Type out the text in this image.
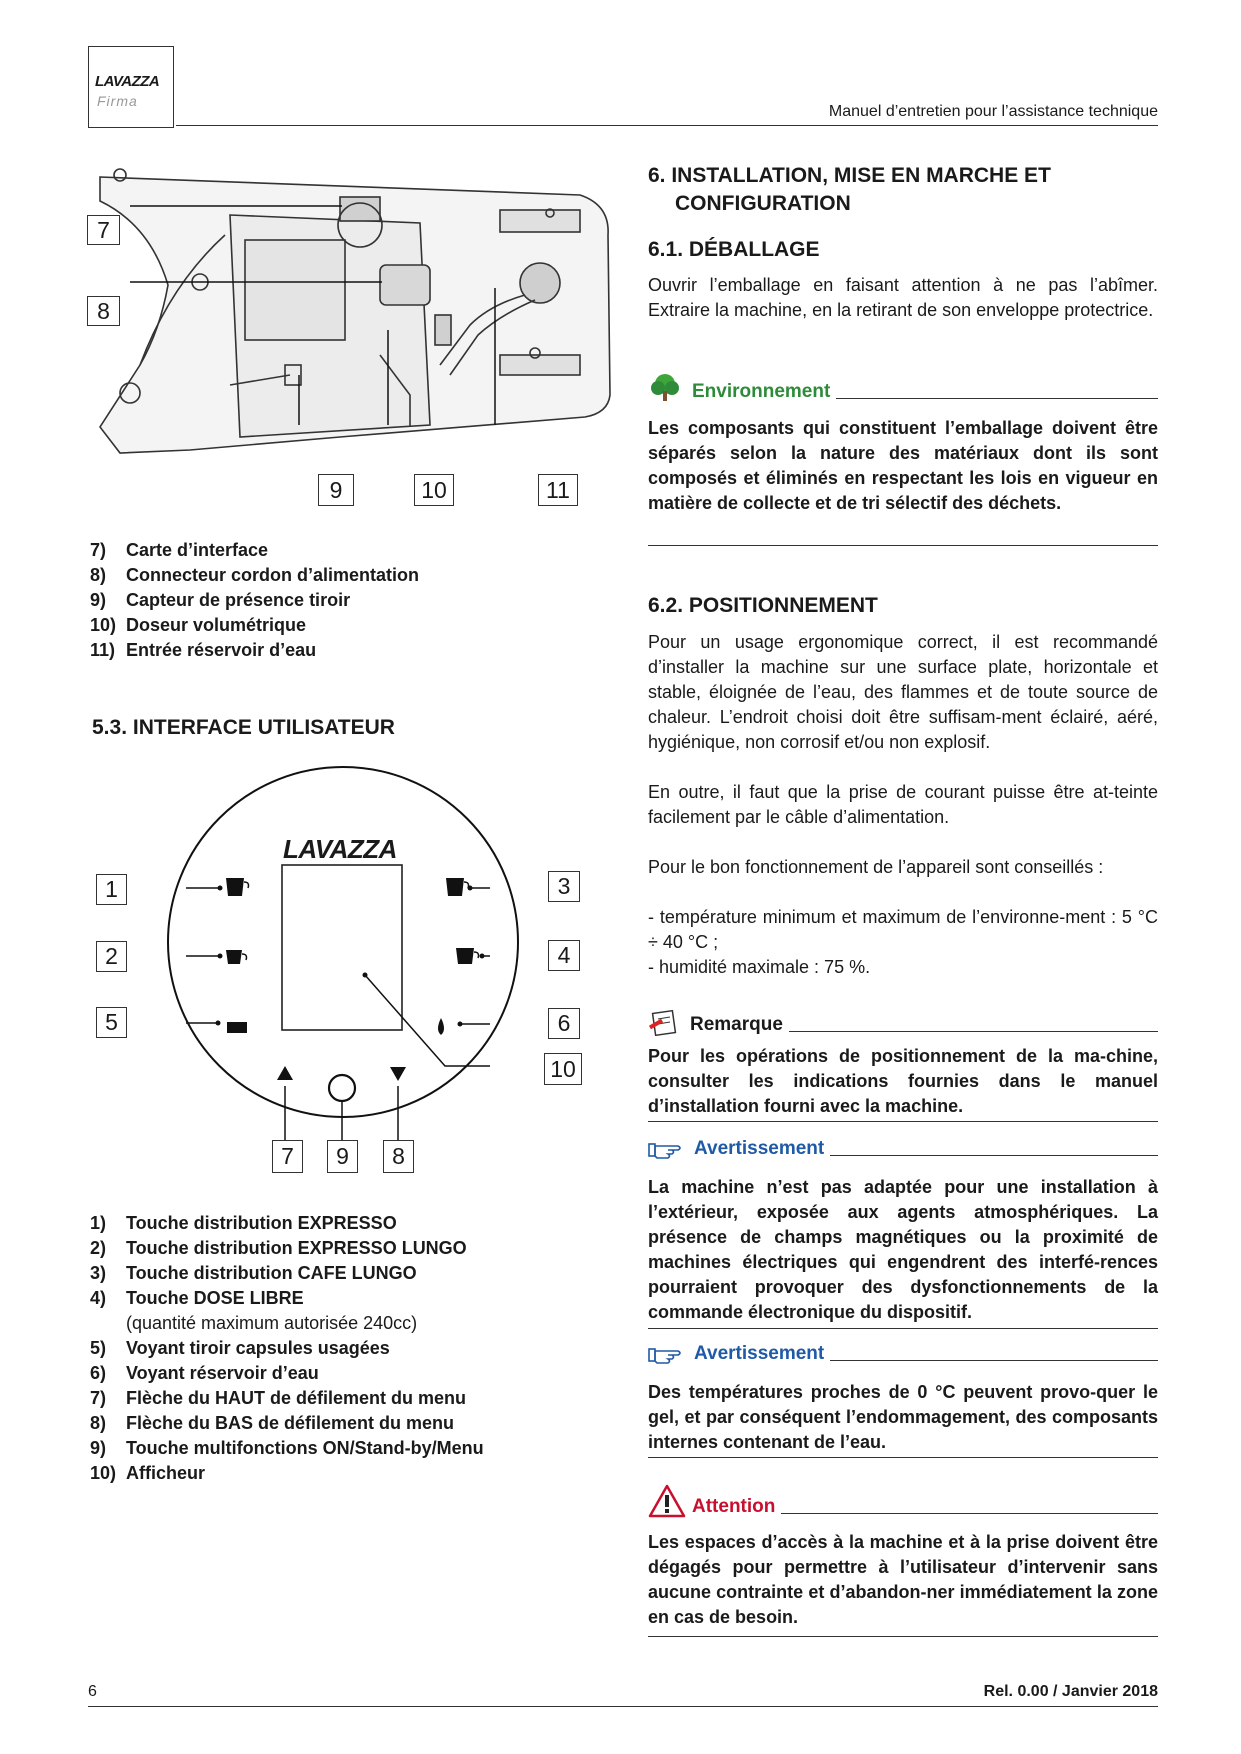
LAVAZZA
Firma
Manuel d’entretien pour l’assistance technique
7
8
9	10	11
7)	Carte d’interface
8)	Connecteur cordon d’alimentation
9)	Capteur de présence tiroir
10) Doseur volumétrique
11) Entrée réservoir d’eau
5.3. INTERFACE UTILISATEUR
LAVAZZA
1
2
5
3
4
6
10
7	9	8
1)	Touche distribution EXPRESSO
2)	Touche distribution EXPRESSO LUNGO
3)	Touche distribution CAFE LUNGO
4)	Touche DOSE LIBRE
(quantité maximum autorisée 240cc)
5)	Voyant tiroir capsules usagées
6)	Voyant réservoir d’eau
7)	Flèche du HAUT de défilement du menu
8)	Flèche du BAS de défilement du menu
9)	Touche multifonctions ON/Stand-by/Menu
10) Afficheur
6. INSTALLATION, MISE EN MARCHE ET
CONFIGURATION
6.1. DÉBALLAGE
Ouvrir l’emballage en faisant attention à ne pas l’abîmer. Extraire la machine, en la retirant de son enveloppe protectrice.
Environnement
Les composants qui constituent l’emballage doivent être séparés selon la nature des matériaux dont ils sont composés et éliminés en respectant les lois en vigueur en matière de collecte et de tri sélectif des déchets.
6.2. POSITIONNEMENT
Pour un usage ergonomique correct, il est recommandé d’installer la machine sur une surface plate, horizontale et stable, éloignée de l’eau, des flammes et de toute source de chaleur. L’endroit choisi doit être suffisam-ment éclairé, aéré, hygiénique, non corrosif et/ou non explosif.
En outre, il faut que la prise de courant puisse être at-teinte facilement par le câble d’alimentation.
Pour le bon fonctionnement de l’appareil sont conseillés :
- température minimum et maximum de l’environne-ment : 5 °C ÷ 40 °C ;
- humidité maximale : 75 %.
Remarque
Pour les opérations de positionnement de la ma-chine, consulter les indications fournies dans le manuel d’installation fourni avec la machine.
Avertissement
La machine n’est pas adaptée pour une installation à l’extérieur, exposée aux agents atmosphériques. La présence de champs magnétiques ou la proximité de machines électriques qui engendrent des interfé-rences pourraient provoquer des dysfonctionnements de la commande électronique du dispositif.
Avertissement
Des températures proches de 0 °C peuvent provo-quer le gel, et par conséquent l’endommagement, des composants internes contenant de l’eau.
Attention
Les espaces d’accès à la machine et à la prise doivent être dégagés pour permettre à l’utilisateur d’intervenir sans aucune contrainte et d’abandon-ner immédiatement la zone en cas de besoin.
6	Rel. 0.00 / Janvier 2018
